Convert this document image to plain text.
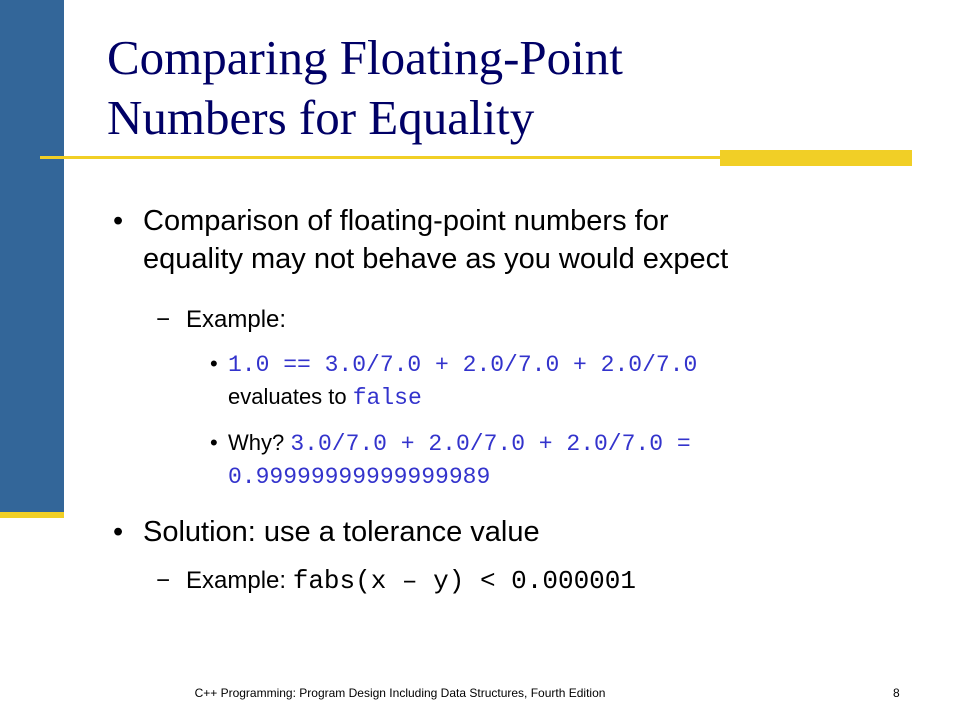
Comparing Floating-Point
Numbers for Equality
• Comparison of floating-point numbers for
equality may not behave as you would expect
− Example:
• 1.0 == 3.0/7.0 + 2.0/7.0 + 2.0/7.0
evaluates to false
• Why? 3.0/7.0 + 2.0/7.0 + 2.0/7.0 =
0.99999999999999989
• Solution: use a tolerance value
− Example: fabs(x – y) < 0.000001
C++ Programming: Program Design Including Data Structures, Fourth Edition	8
